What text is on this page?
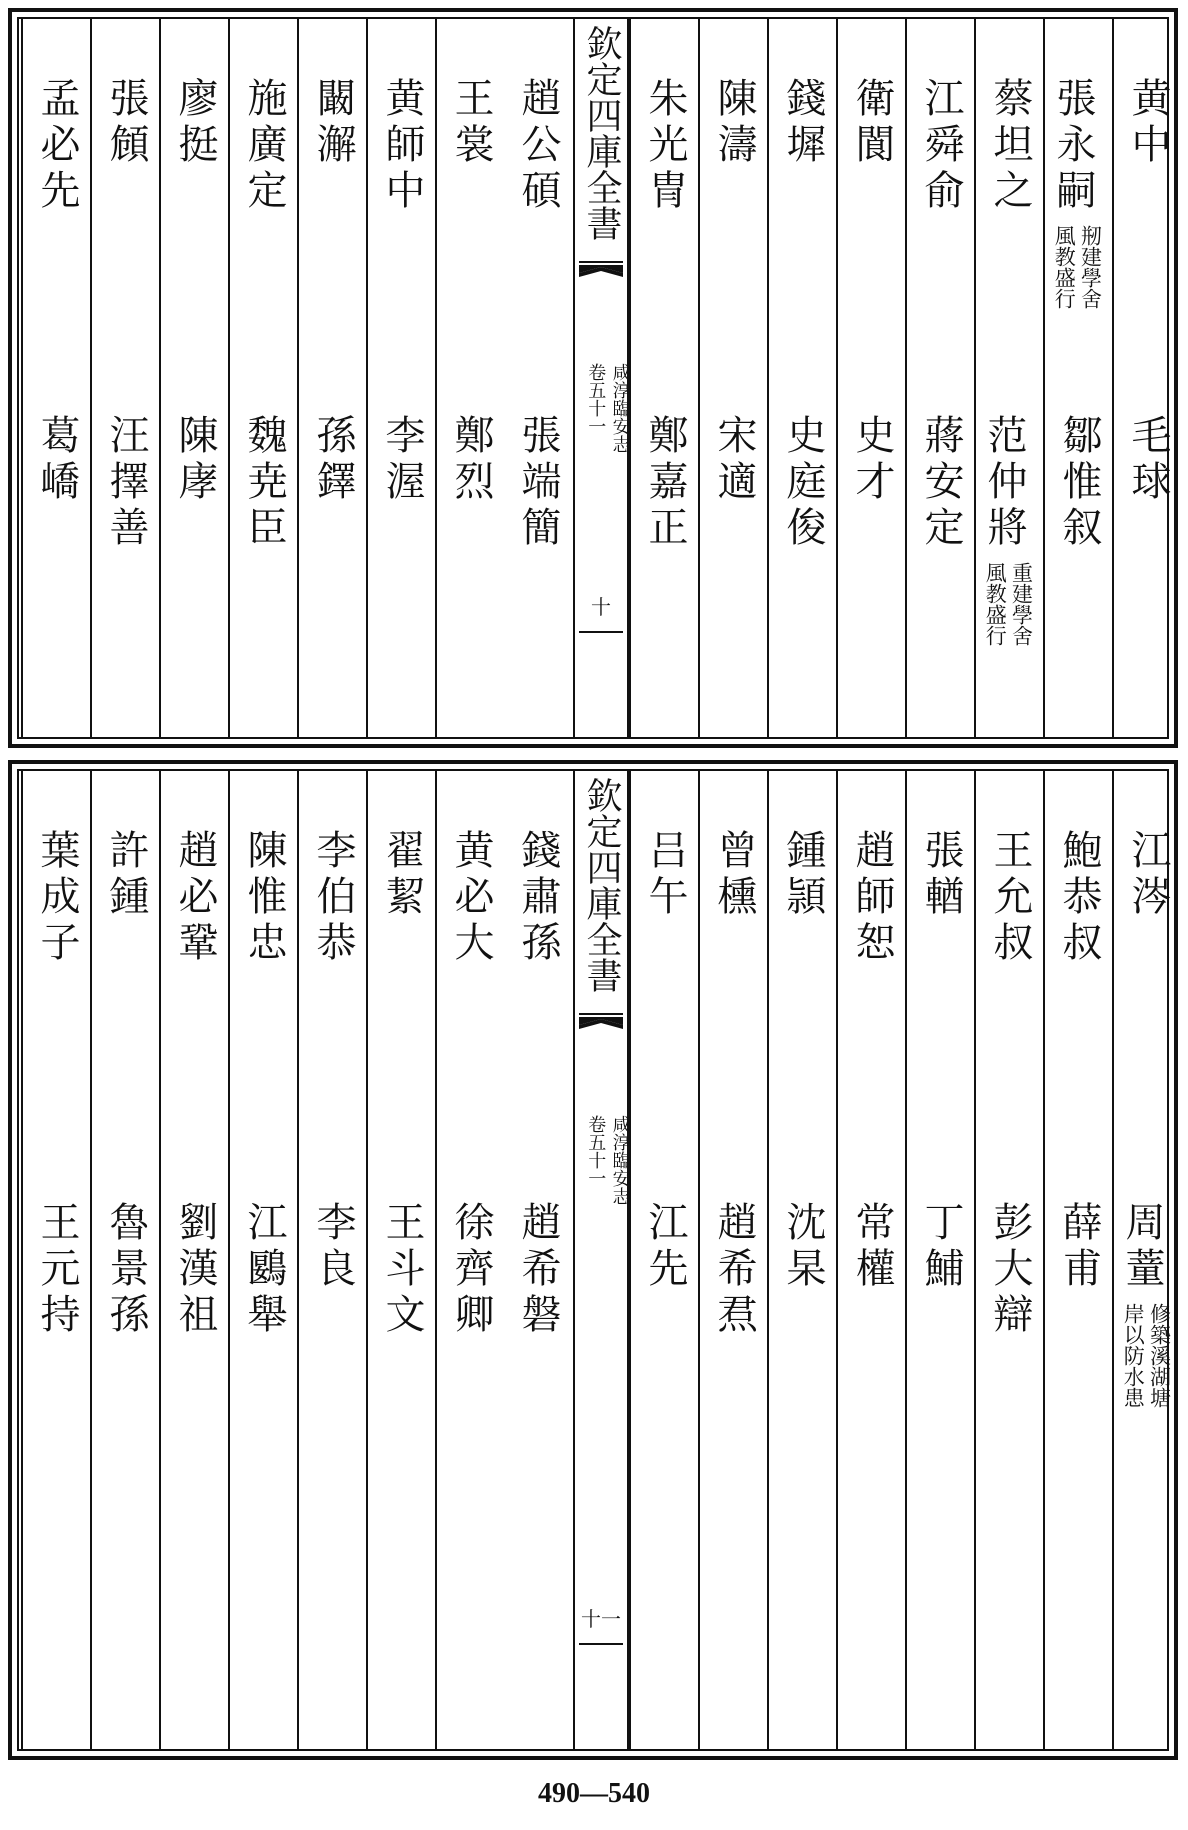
趙公碩
張端簡
王裳
鄭烈
黄師中
李渥
闞澥
孫鐸
施廣定
魏尭臣
廖挺
陳庨
張頠
汪擇善
孟必先
葛嶠
欽定四庫全書
咸淳臨安志
卷五十一
十
黄中
毛球
張永嗣
剏建學舍
風教盛行
鄒惟叙
蔡坦之
范仲將
重建學舍
風教盛行
江舜俞
蔣安定
衛閬
史才
錢墀
史庭俊
陳濤
宋適
朱光冑
鄭嘉正
錢肅孫
趙希磐
黄必大
徐齊卿
翟絜
王斗文
李伯恭
李良
陳惟忠
江鶠舉
趙必鞏
劉漢祖
許鍾
魯景孫
葉成子
王元持
欽定四庫全書
咸淳臨安志
卷五十一
十一
江涔
周蕫
修築溪湖塘
岸以防水患
鮑恭叔
薛甫
王允叔
彭大辯
張輶
丁鯆
趙師恕
常權
鍾頴
沈杲
曾櫄
趙希焄
吕午
江先
490—540
